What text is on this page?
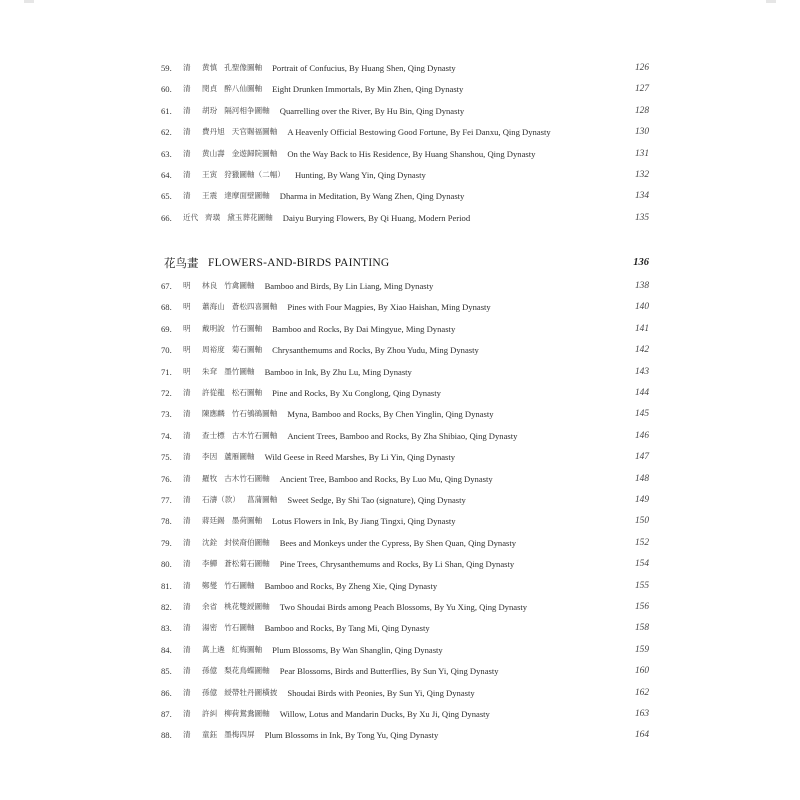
59.	清 黄慎 孔聖像圖軸 Portrait of Confucius, By Huang Shen, Qing Dynasty	126
60.	清 閔貞 醉八仙圖軸 Eight Drunken Immortals, By Min Zhen, Qing Dynasty	127
61.	清 胡玢 隔河相争圖軸 Quarrelling over the River, By Hu Bin, Qing Dynasty	128
62.	清 費丹旭 天官賜福圖軸 A Heavenly Official Bestowing Good Fortune, By Fei Danxu, Qing Dynasty	130
63.	清 黄山壽 金遊歸院圖軸 On the Way Back to His Residence, By Huang Shanshou, Qing Dynasty	131
64.	清 王寅 狩獵圖軸（二幅） Hunting, By Wang Yin, Qing Dynasty	132
65.	清 王震 達摩面壁圖軸 Dharma in Meditation, By Wang Zhen, Qing Dynasty	134
66.	近代 齊璜 黛玉葬花圖軸 Daiyu Burying Flowers, By Qi Huang, Modern Period	135
花鸟畫 FLOWERS-AND-BIRDS PAINTING	136
67.	明 林良 竹禽圖軸 Bamboo and Birds, By Lin Liang, Ming Dynasty	138
68.	明 蕭海山 蒼松四喜圖軸 Pines with Four Magpies, By Xiao Haishan, Ming Dynasty	140
69.	明 戴明說 竹石圖軸 Bamboo and Rocks, By Dai Mingyue, Ming Dynasty	141
70.	明 周裕度 菊石圖軸 Chrysanthemums and Rocks, By Zhou Yudu, Ming Dynasty	142
71.	明 朱耷 墨竹圖軸 Bamboo in Ink, By Zhu Lu, Ming Dynasty	143
72.	清 許從龍 松石圖軸 Pine and Rocks, By Xu Conglong, Qing Dynasty	144
73.	清 陳應麟 竹石鴝鵒圖軸 Myna, Bamboo and Rocks, By Chen Yinglin, Qing Dynasty	145
74.	清 查士標 古木竹石圖軸 Ancient Trees, Bamboo and Rocks, By Zha Shibiao, Qing Dynasty	146
75.	清 李因 蘆雁圖軸 Wild Geese in Reed Marshes, By Li Yin, Qing Dynasty	147
76.	清 羅牧 古木竹石圖軸 Ancient Tree, Bamboo and Rocks, By Luo Mu, Qing Dynasty	148
77.	清 石濤（款） 菖蒲圖軸 Sweet Sedge, By Shi Tao (signature), Qing Dynasty	149
78.	清 蔣廷錫 墨荷圖軸 Lotus Flowers in Ink, By Jiang Tingxi, Qing Dynasty	150
79.	清 沈銓 封侯裔伯圖軸 Bees and Monkeys under the Cypress, By Shen Quan, Qing Dynasty	152
80.	清 李鱓 蒼松菊石圖軸 Pine Trees, Chrysanthemums and Rocks, By Li Shan, Qing Dynasty	154
81.	清 鄭燮 竹石圖軸 Bamboo and Rocks, By Zheng Xie, Qing Dynasty	155
82.	清 余省 桃花雙綬圖軸 Two Shoudai Birds among Peach Blossoms, By Yu Xing, Qing Dynasty	156
83.	清 湯密 竹石圖軸 Bamboo and Rocks, By Tang Mi, Qing Dynasty	158
84.	清 萬上遴 紅梅圖軸 Plum Blossoms, By Wan Shanglin, Qing Dynasty	159
85.	清 孫億 梨花鳥蝶圖軸 Pear Blossoms, Birds and Butterflies, By Sun Yi, Qing Dynasty	160
86.	清 孫億 綬帶牡丹圖橫披 Shoudai Birds with Peonies, By Sun Yi, Qing Dynasty	162
87.	清 許糾 柳荷鴛鴦圖軸 Willow, Lotus and Mandarin Ducks, By Xu Ji, Qing Dynasty	163
88.	清 童鈺 墨梅四屏 Plum Blossoms in Ink, By Tong Yu, Qing Dynasty	164
